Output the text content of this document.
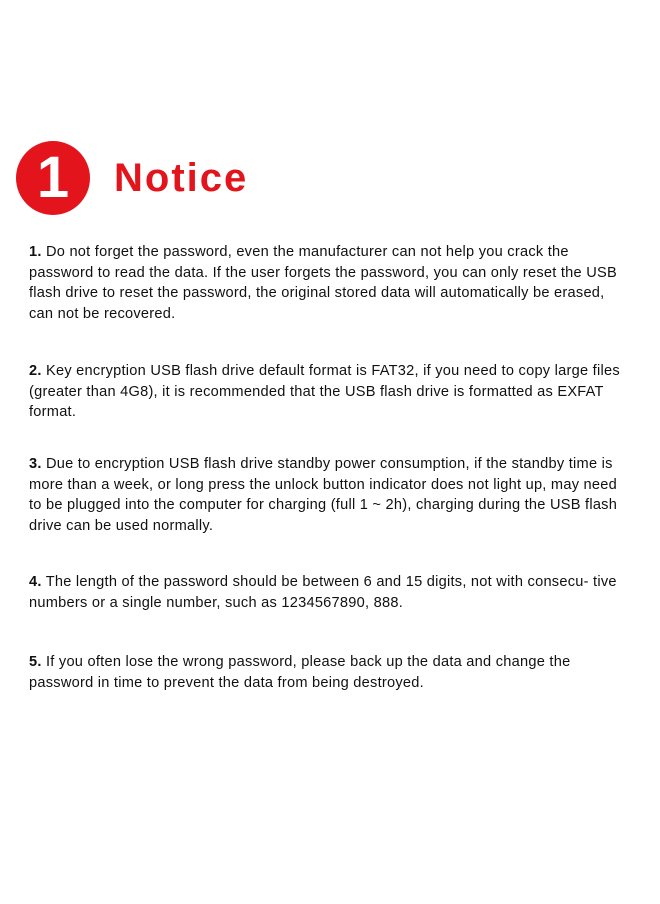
1	Notice

1. Do not forget the password, even the manufacturer can not help you crack the password to read the data. If the user forgets the password, you can only reset the USB flash drive to reset the password, the original stored data will automatically be erased, can not be recovered.

2. Key encryption USB flash drive default format is FAT32, if you need to copy large files (greater than 4G8), it is recommended that the USB flash drive is formatted as EXFAT format.

3. Due to encryption USB flash drive standby power consumption, if the standby time is more than a week, or long press the unlock button indicator does not light up, may need to be plugged into the computer for charging (full 1 ~ 2h), charging during the USB flash drive can be used normally.

4. The length of the password should be between 6 and 15 digits, not with consecu- tive numbers or a single number, such as 1234567890, 888.

5. If you often lose the wrong password, please back up the data and change the password in time to prevent the data from being destroyed.
